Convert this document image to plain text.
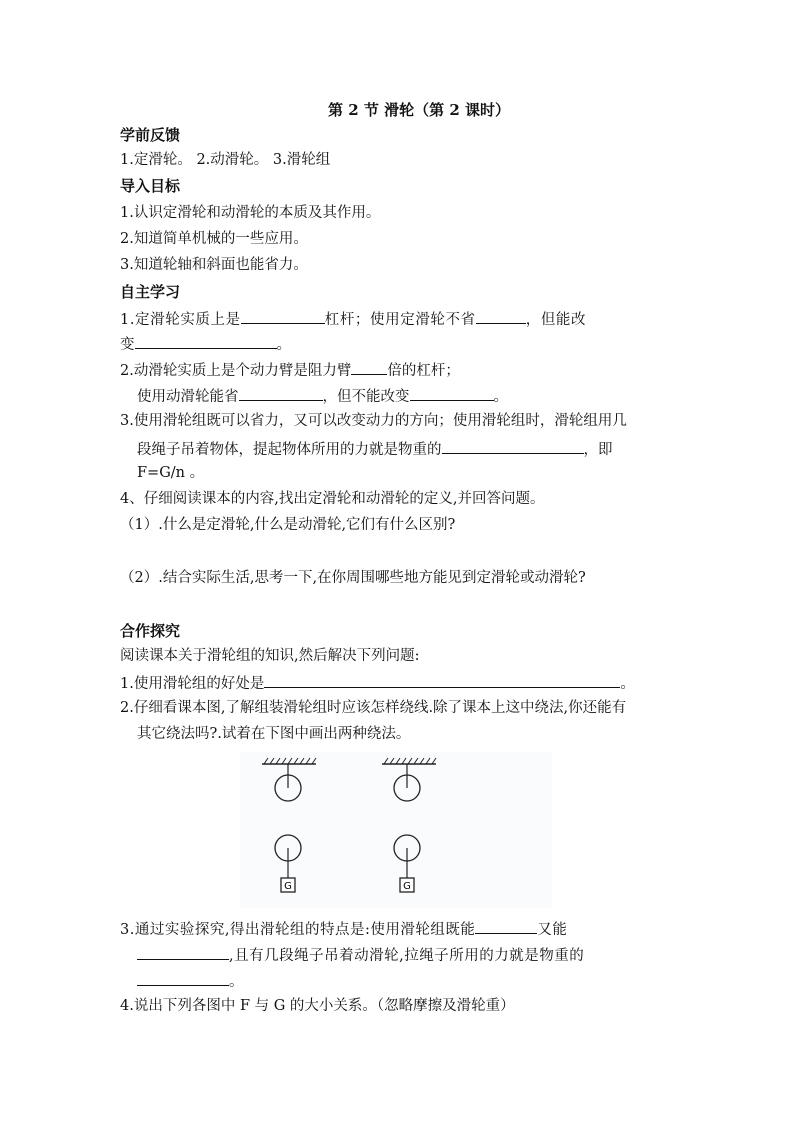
第 2 节 滑轮（第 2 课时）
学前反馈
1.定滑轮。 2.动滑轮。 3.滑轮组
导入目标
1.认识定滑轮和动滑轮的本质及其作用。
2.知道简单机械的一些应用。
3.知道轮轴和斜面也能省力。
自主学习
1.定滑轮实质上是	杠杆；使用定滑轮不省	，但能改
变	。
2.动滑轮实质上是个动力臂是阻力臂 倍的杠杆；
使用动滑轮能省	，但不能改变	。
3.使用滑轮组既可以省力，又可以改变动力的方向；使用滑轮组时，滑轮组用几
段绳子吊着物体，提起物体所用的力就是物重的	，即
F=G/n 。
4、仔细阅读课本的内容,找出定滑轮和动滑轮的定义,并回答问题。
（1）.什么是定滑轮,什么是动滑轮,它们有什么区别?
（2）.结合实际生活,思考一下,在你周围哪些地方能见到定滑轮或动滑轮?
合作探究
阅读课本关于滑轮组的知识,然后解决下列问题:
1.使用滑轮组的好处是	。
2.仔细看课本图,了解组装滑轮组时应该怎样绕线.除了课本上这中绕法,你还能有
其它绕法吗?.试着在下图中画出两种绕法。
G	G
3.通过实验探究,得出滑轮组的特点是:使用滑轮组既能	又能
,且有几段绳子吊着动滑轮,拉绳子所用的力就是物重的
。
4.说出下列各图中 F 与 G 的大小关系。（忽略摩擦及滑轮重）
